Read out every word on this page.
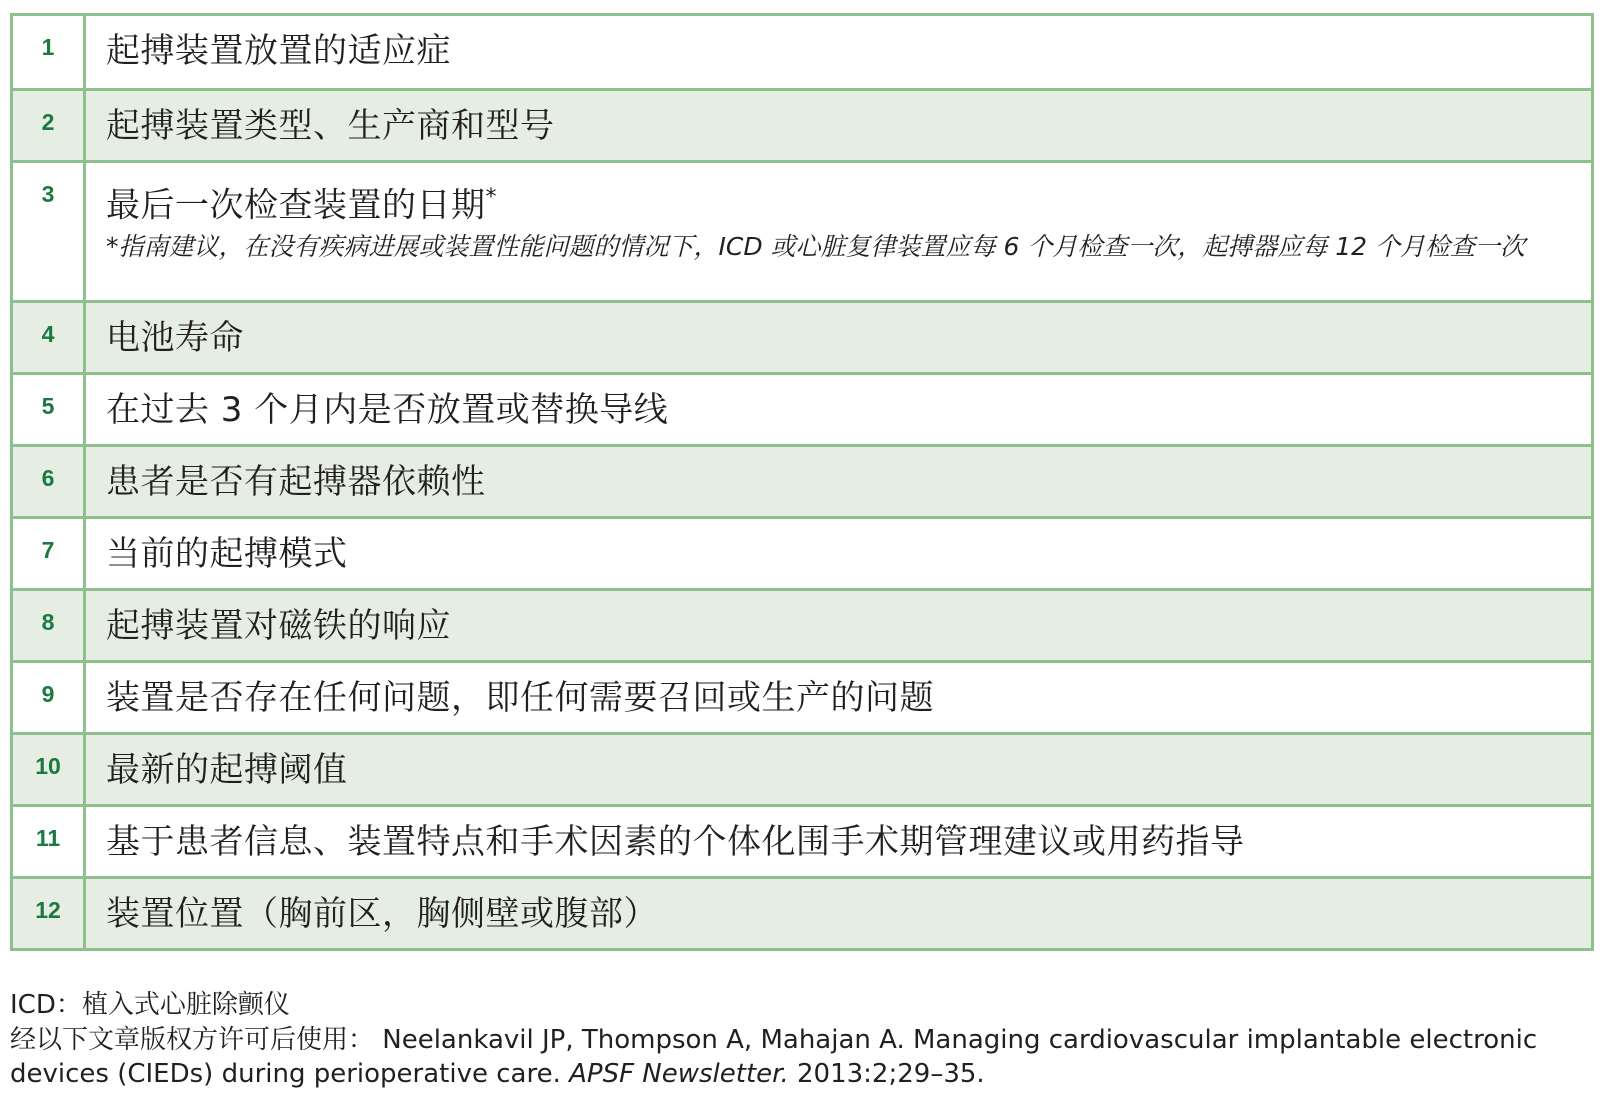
1	起搏装置放置的适应症
2	起搏装置类型、生产商和型号
3	最后一次检查装置的日期*
*指南建议，在没有疾病进展或装置性能问题的情况下，ICD 或心脏复律装置应每 6 个月检查一次，起搏器应每 12 个月检查一次
4	电池寿命
5	在过去 3 个月内是否放置或替换导线
6	患者是否有起搏器依赖性
7	当前的起搏模式
8	起搏装置对磁铁的响应
9	装置是否存在任何问题，即任何需要召回或生产的问题
10	最新的起搏阈值
11	基于患者信息、装置特点和手术因素的个体化围手术期管理建议或用药指导
12	装置位置（胸前区，胸侧壁或腹部）
ICD：植入式心脏除颤仪
经以下文章版权方许可后使用： Neelankavil JP, Thompson A, Mahajan A. Managing cardiovascular implantable electronic devices (CIEDs) during perioperative care. APSF Newsletter. 2013:2;29–35.
